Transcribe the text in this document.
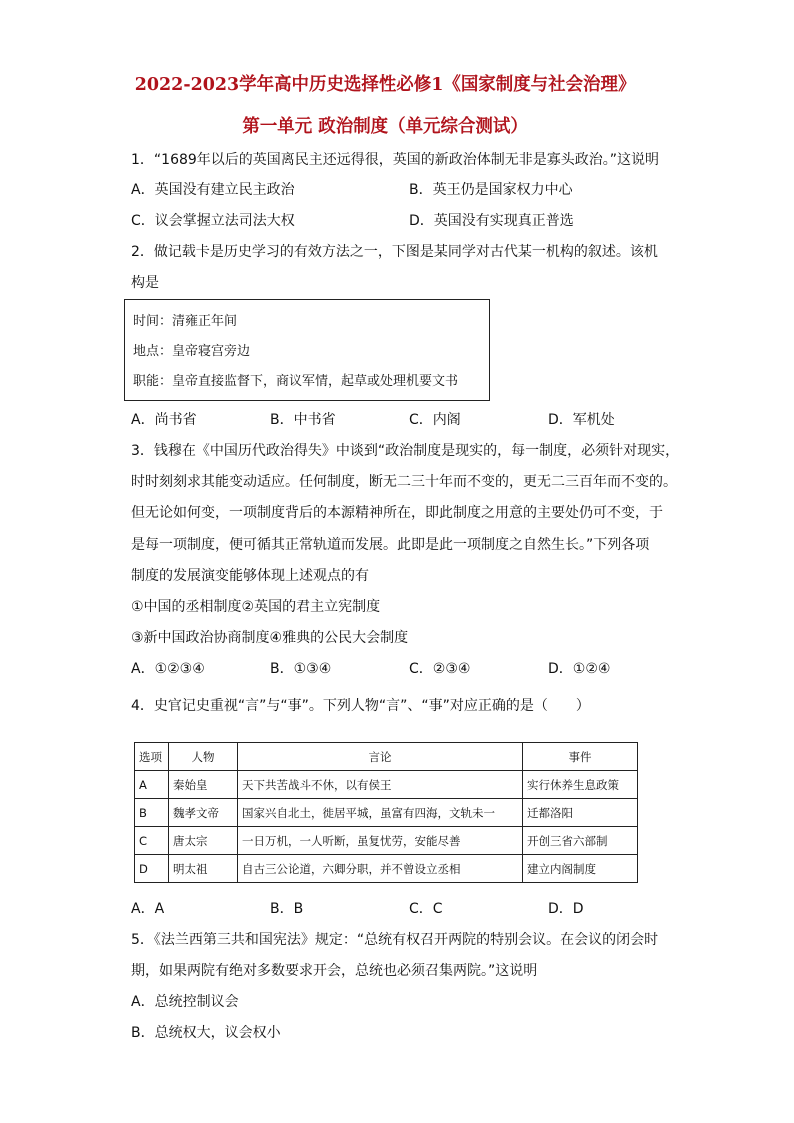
2022-2023学年高中历史选择性必修1《国家制度与社会治理》
第一单元 政治制度（单元综合测试）
1．“1689年以后的英国离民主还远得很，英国的新政治体制无非是寡头政治。”这说明
A．英国没有建立民主政治	B．英王仍是国家权力中心
C．议会掌握立法司法大权	D．英国没有实现真正普选
2．做记载卡是历史学习的有效方法之一，下图是某同学对古代某一机构的叙述。该机
构是
时间：清雍正年间
地点：皇帝寝宫旁边
职能：皇帝直接监督下，商议军情，起草或处理机要文书
A．尚书省	B．中书省	C．内阁	D．军机处
3．钱穆在《中国历代政治得失》中谈到“政治制度是现实的，每一制度，必须针对现实，
时时刻刻求其能变动适应。任何制度，断无二三十年而不变的，更无二三百年而不变的。
但无论如何变，一项制度背后的本源精神所在，即此制度之用意的主要处仍可不变，于
是每一项制度，便可循其正常轨道而发展。此即是此一项制度之自然生长。”下列各项
制度的发展演变能够体现上述观点的有
①中国的丞相制度②英国的君主立宪制度
③新中国政治协商制度④雅典的公民大会制度
A．①②③④	B．①③④	C．②③④	D．①②④
4．史官记史重视“言”与“事”。下列人物“言”、“事”对应正确的是（　　）
选项	人物	言论	事件
A	秦始皇	天下共苦战斗不休，以有侯王	实行休养生息政策
B	魏孝文帝	国家兴自北土，徙居平城，虽富有四海，文轨未一	迁都洛阳
C	唐太宗	一日万机，一人听断，虽复忧劳，安能尽善	开创三省六部制
D	明太祖	自古三公论道，六卿分职，并不曾设立丞相	建立内阁制度
A．A	B．B	C．C	D．D
5．《法兰西第三共和国宪法》规定：“总统有权召开两院的特别会议。在会议的闭会时
期，如果两院有绝对多数要求开会，总统也必须召集两院。”这说明
A．总统控制议会
B．总统权大，议会权小
